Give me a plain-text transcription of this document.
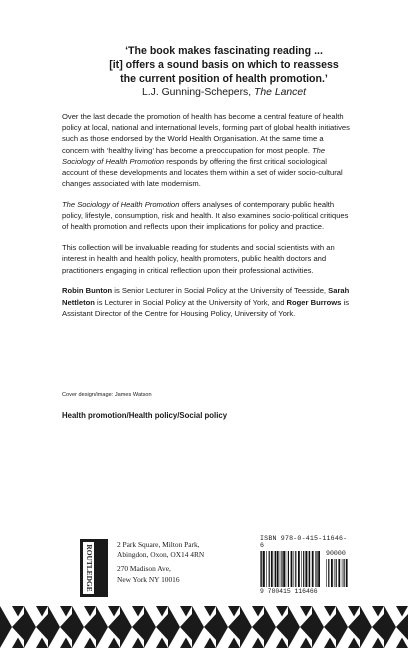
‘The book makes fascinating reading ...
[it] offers a sound basis on which to reassess
the current position of health promotion.’
L.J. Gunning-Schepers, The Lancet

Over the last decade the promotion of health has become a central feature of health policy at local, national and international levels, forming part of global health initiatives such as those endorsed by the World Health Organisation. At the same time a concern with ‘healthy living’ has become a preoccupation for most people. The Sociology of Health Promotion responds by offering the first critical sociological account of these developments and locates them within a set of wider socio-cultural changes associated with late modernism.

The Sociology of Health Promotion offers analyses of contemporary public health policy, lifestyle, consumption, risk and health. It also examines socio-political critiques of health promotion and reflects upon their implications for policy and practice.

This collection will be invaluable reading for students and social scientists with an interest in health and health policy, health promoters, public health doctors and practitioners engaging in critical reflection upon their professional activities.

Robin Bunton is Senior Lecturer in Social Policy at the University of Teesside, Sarah Nettleton is Lecturer in Social Policy at the University of York, and Roger Burrows is Assistant Director of the Centre for Housing Policy, University of York.

Cover design/image: James Watson
Health promotion/Health policy/Social policy
ROUTLEDGE	2 Park Square, Milton Park,
Abingdon, Oxon, OX14 4RN
270 Madison Ave,
New York NY 10016
ISBN 978-0-415-11646-6
90000
9 780415 116466
